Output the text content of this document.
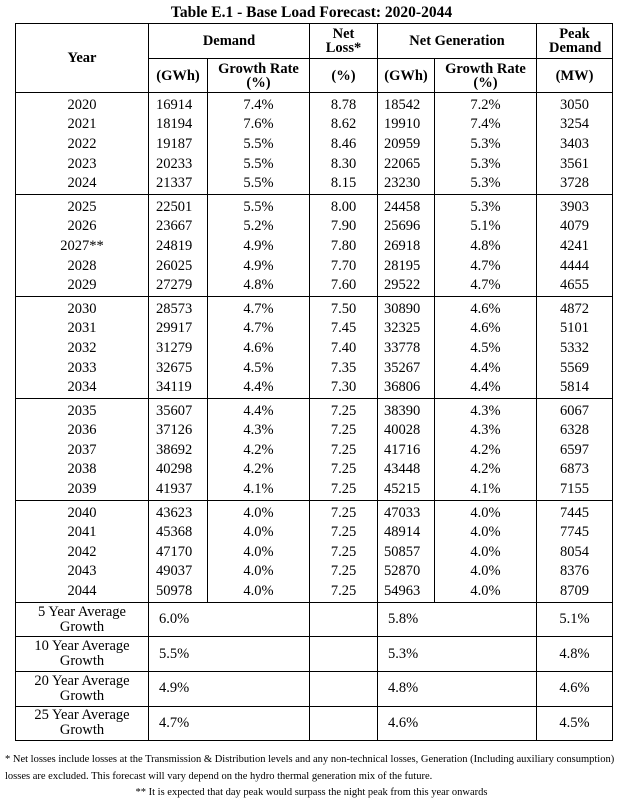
Table E.1 - Base Load Forecast: 2020-2044
Year	Demand		Net Loss*	Net Generation		Peak Demand
	(GWh)	Growth Rate (%)	(%)	(GWh)	Growth Rate (%)	(MW)
2020	16914	7.4%	8.78	18542	7.2%	3050
2021	18194	7.6%	8.62	19910	7.4%	3254
2022	19187	5.5%	8.46	20959	5.3%	3403
2023	20233	5.5%	8.30	22065	5.3%	3561
2024	21337	5.5%	8.15	23230	5.3%	3728
2025	22501	5.5%	8.00	24458	5.3%	3903
2026	23667	5.2%	7.90	25696	5.1%	4079
2027**	24819	4.9%	7.80	26918	4.8%	4241
2028	26025	4.9%	7.70	28195	4.7%	4444
2029	27279	4.8%	7.60	29522	4.7%	4655
2030	28573	4.7%	7.50	30890	4.6%	4872
2031	29917	4.7%	7.45	32325	4.6%	5101
2032	31279	4.6%	7.40	33778	4.5%	5332
2033	32675	4.5%	7.35	35267	4.4%	5569
2034	34119	4.4%	7.30	36806	4.4%	5814
2035	35607	4.4%	7.25	38390	4.3%	6067
2036	37126	4.3%	7.25	40028	4.3%	6328
2037	38692	4.2%	7.25	41716	4.2%	6597
2038	40298	4.2%	7.25	43448	4.2%	6873
2039	41937	4.1%	7.25	45215	4.1%	7155
2040	43623	4.0%	7.25	47033	4.0%	7445
2041	45368	4.0%	7.25	48914	4.0%	7745
2042	47170	4.0%	7.25	50857	4.0%	8054
2043	49037	4.0%	7.25	52870	4.0%	8376
2044	50978	4.0%	7.25	54963	4.0%	8709
5 Year Average Growth	6.0%			5.8%		5.1%
10 Year Average Growth	5.5%			5.3%		4.8%
20 Year Average Growth	4.9%			4.8%		4.6%
25 Year Average Growth	4.7%			4.6%		4.5%
* Net losses include losses at the Transmission & Distribution levels and any non-technical losses, Generation (Including auxiliary consumption) losses are excluded. This forecast will vary depend on the hydro thermal generation mix of the future.
** It is expected that day peak would surpass the night peak from this year onwards
